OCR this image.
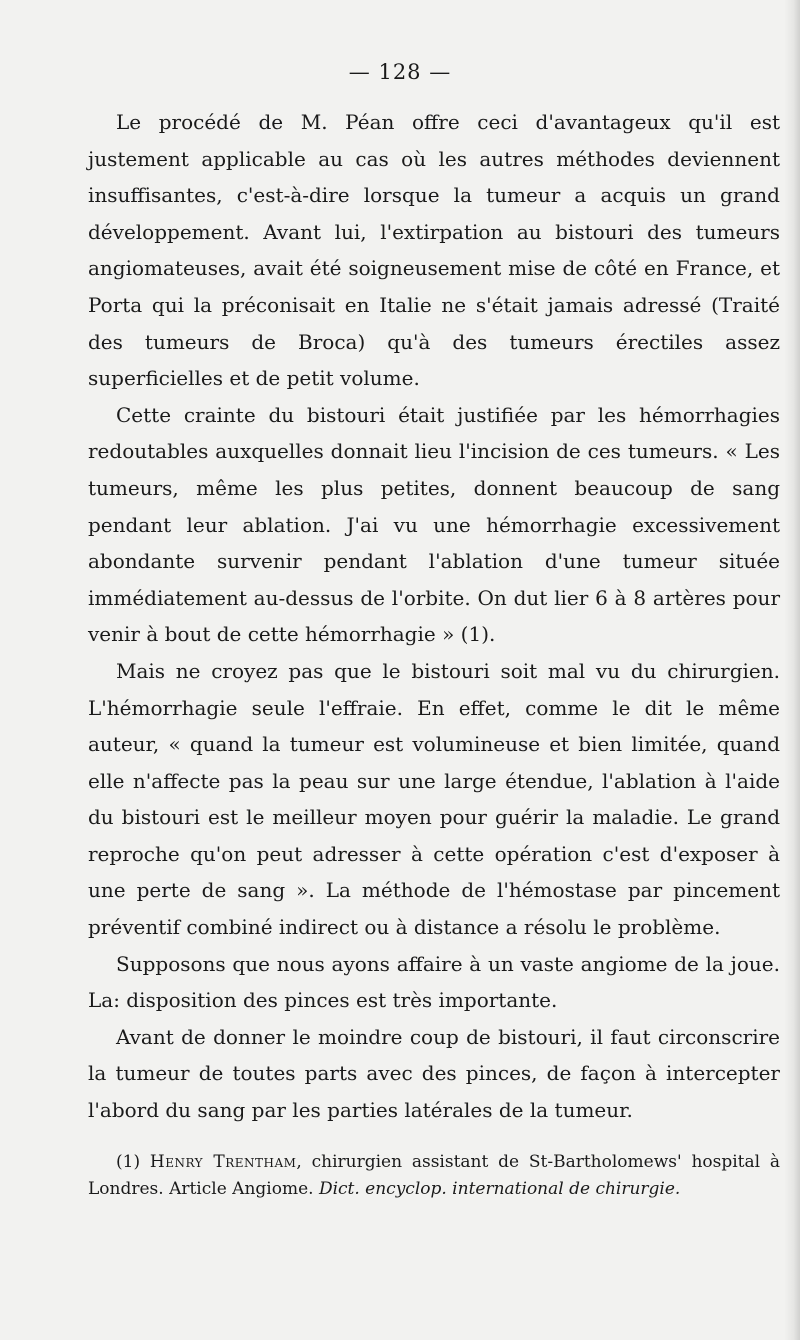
— 128 —

Le procédé de M. Péan offre ceci d'avantageux qu'il est justement applicable au cas où les autres méthodes deviennent insuffisantes, c'est-à-dire lorsque la tumeur a acquis un grand développement. Avant lui, l'extirpation au bistouri des tumeurs angiomateuses, avait été soigneusement mise de côté en France, et Porta qui la préconisait en Italie ne s'était jamais adressé (Traité des tumeurs de Broca) qu'à des tumeurs érectiles assez superficielles et de petit volume.

Cette crainte du bistouri était justifiée par les hémorrhagies redoutables auxquelles donnait lieu l'incision de ces tumeurs. « Les tumeurs, même les plus petites, donnent beaucoup de sang pendant leur ablation. J'ai vu une hémorrhagie excessivement abondante survenir pendant l'ablation d'une tumeur située immédiatement au-dessus de l'orbite. On dut lier 6 à 8 artères pour venir à bout de cette hémorrhagie » (1).

Mais ne croyez pas que le bistouri soit mal vu du chirurgien. L'hémorrhagie seule l'effraie. En effet, comme le dit le même auteur, « quand la tumeur est volumineuse et bien limitée, quand elle n'affecte pas la peau sur une large étendue, l'ablation à l'aide du bistouri est le meilleur moyen pour guérir la maladie. Le grand reproche qu'on peut adresser à cette opération c'est d'exposer à une perte de sang ». La méthode de l'hémostase par pincement préventif combiné indirect ou à distance a résolu le problème.

Supposons que nous ayons affaire à un vaste angiome de la joue. La: disposition des pinces est très importante.

Avant de donner le moindre coup de bistouri, il faut circonscrire la tumeur de toutes parts avec des pinces, de façon à intercepter l'abord du sang par les parties latérales de la tumeur.

(1) Henry Trentham, chirurgien assistant de St-Bartholomews' hospital à Londres. Article Angiome. Dict. encyclop. international de chirurgie.
